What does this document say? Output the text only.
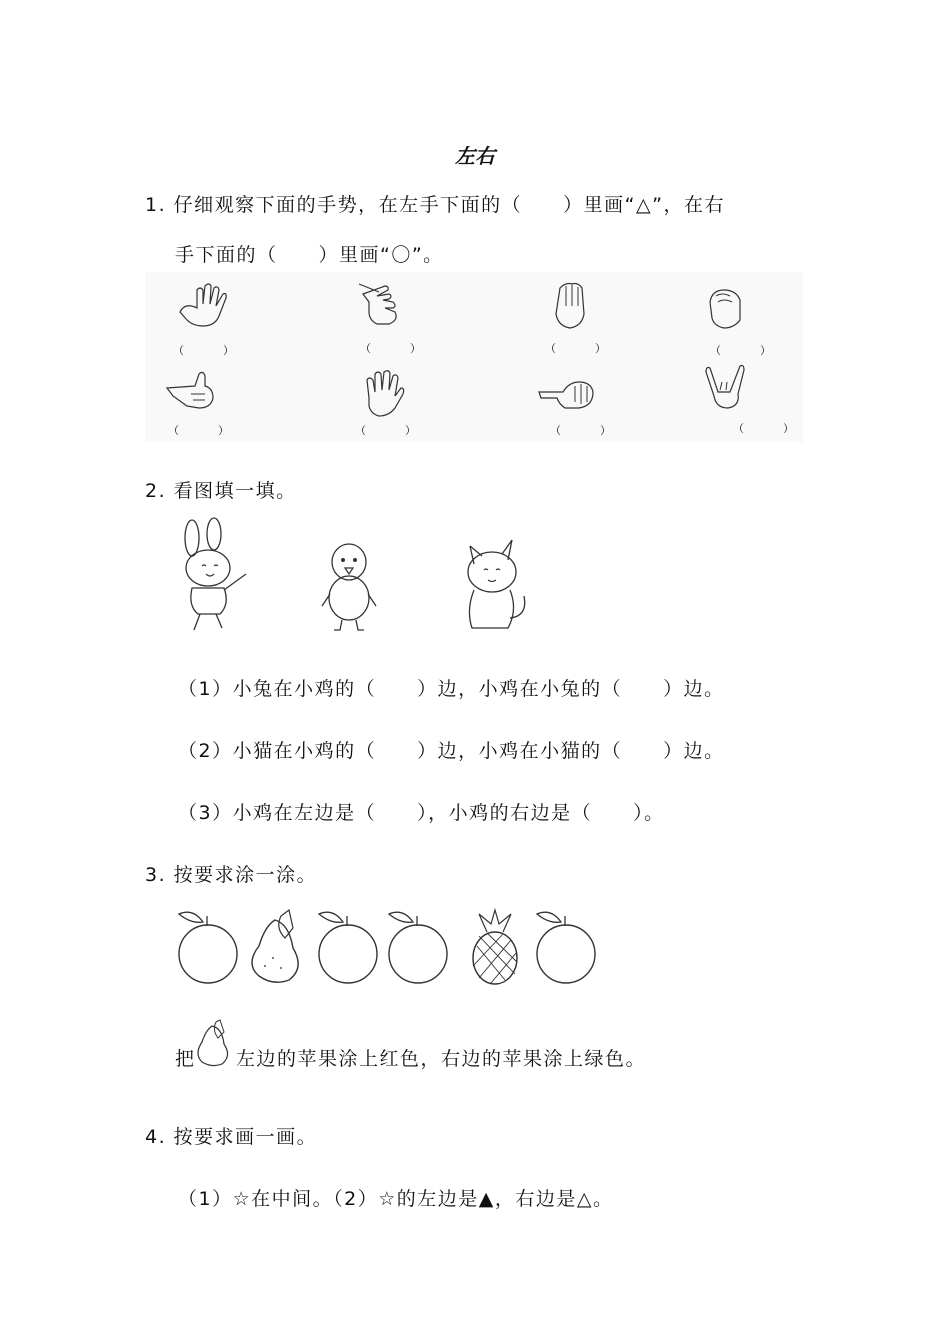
左右
1. 仔细观察下面的手势，在左手下面的（　　）里画“△”，在右
手下面的（　　）里画“〇”。
（　）	（　）	（　）	（　）
（　）	（　）	（　）	（　）
2. 看图填一填。
（1）小兔在小鸡的（　　）边，小鸡在小兔的（　　）边。
（2）小猫在小鸡的（　　）边，小鸡在小猫的（　　）边。
（3）小鸡在左边是（　　），小鸡的右边是（　　）。
3. 按要求涂一涂。
把 左边的苹果涂上红色，右边的苹果涂上绿色。
4. 按要求画一画。
（1）☆在中间。（2）☆的左边是▲，右边是△。
